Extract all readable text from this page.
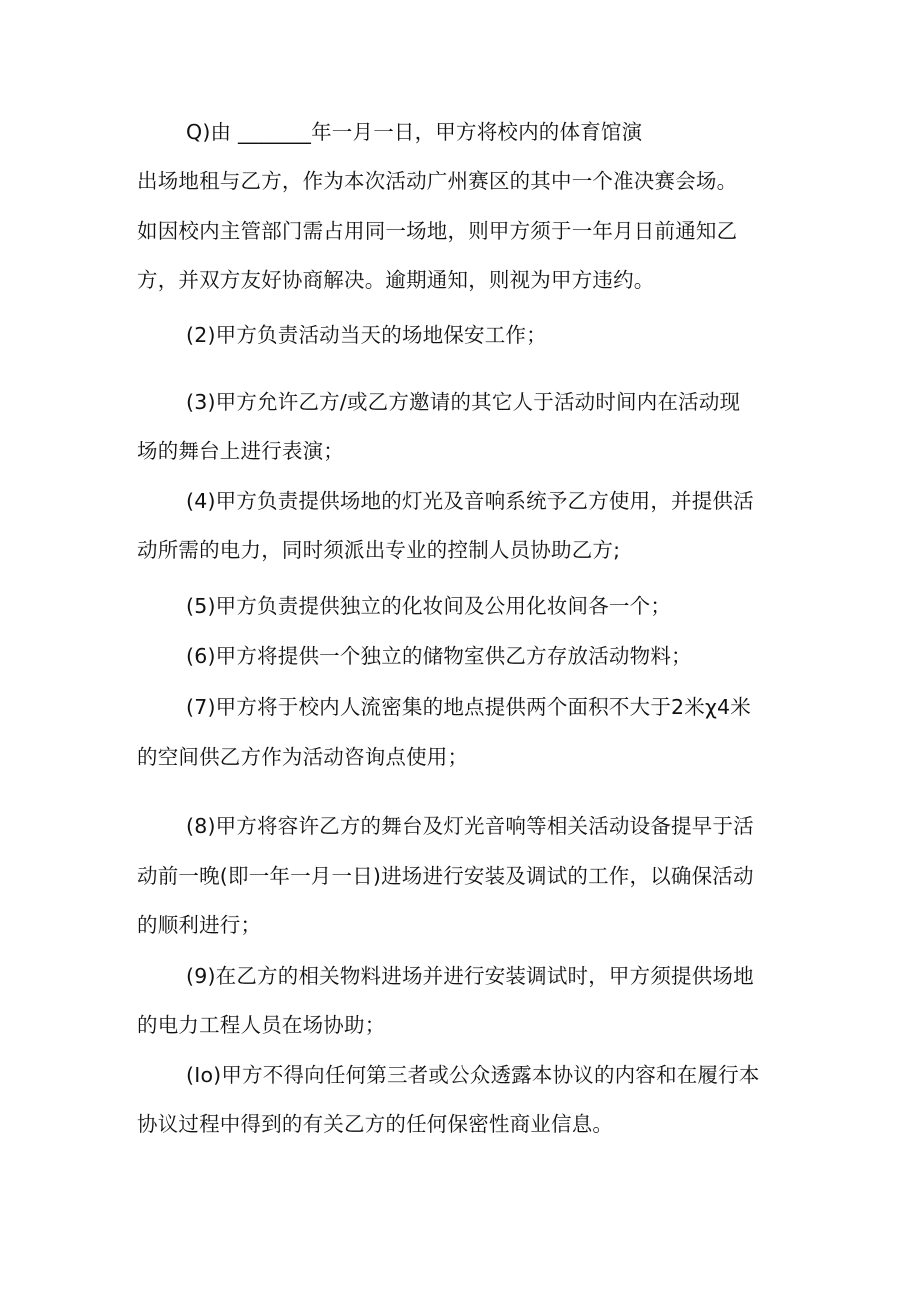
Q)由 _______年一月一日，甲方将校内的体育馆演
出场地租与乙方，作为本次活动广州赛区的其中一个准决赛会场。
如因校内主管部门需占用同一场地，则甲方须于一年月日前通知乙
方，并双方友好协商解决。逾期通知，则视为甲方违约。
(2)甲方负责活动当天的场地保安工作；
(3)甲方允许乙方/或乙方邀请的其它人于活动时间内在活动现
场的舞台上进行表演；
(4)甲方负责提供场地的灯光及音响系统予乙方使用，并提供活
动所需的电力，同时须派出专业的控制人员协助乙方;
(5)甲方负责提供独立的化妆间及公用化妆间各一个；
(6)甲方将提供一个独立的储物室供乙方存放活动物料；
(7)甲方将于校内人流密集的地点提供两个面积不大于2米χ4米
的空间供乙方作为活动咨询点使用；
(8)甲方将容许乙方的舞台及灯光音响等相关活动设备提早于活
动前一晚(即一年一月一日)进场进行安装及调试的工作，以确保活动
的顺利进行；
(9)在乙方的相关物料进场并进行安装调试时，甲方须提供场地
的电力工程人员在场协助；
(Io)甲方不得向任何第三者或公众透露本协议的内容和在履行本
协议过程中得到的有关乙方的任何保密性商业信息。
